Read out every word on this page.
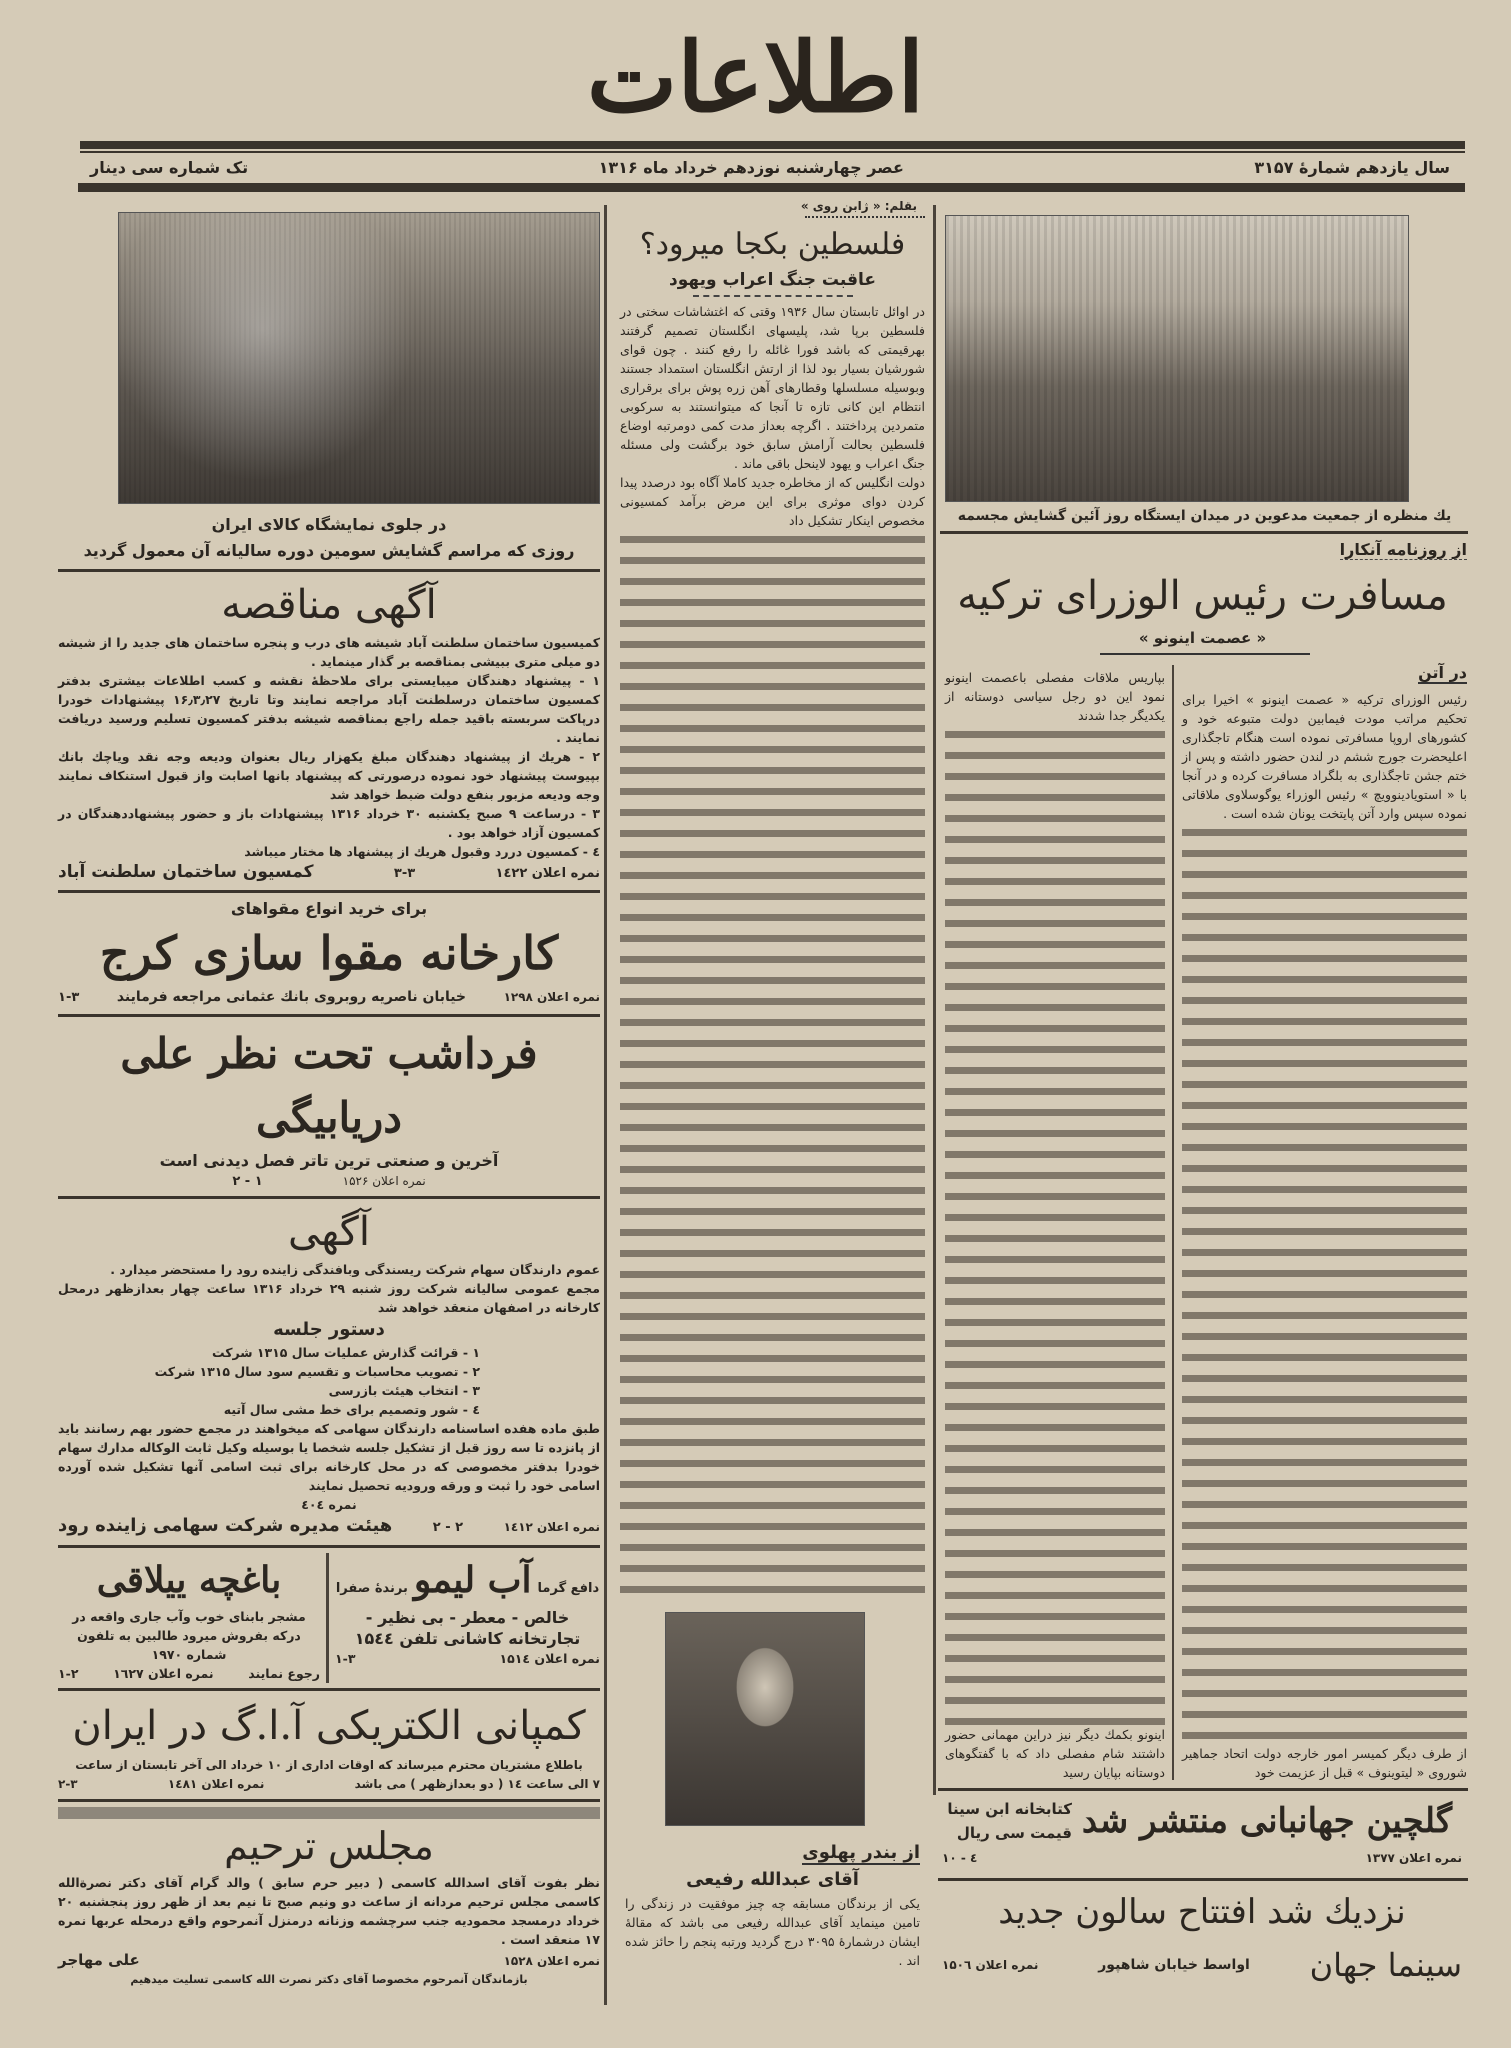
اطلاعات
سال یازدهم شمارهٔ ۳۱۵۷
عصر چهارشنبه نوزدهم خرداد ماه ۱۳۱۶
تک شماره سی دینار
در جلوی نمایشگاه کالای ایران
روزی که مراسم گشایش سومین دوره سالیانه آن معمول گردید
آگهی مناقصه
کمیسیون ساختمان سلطنت آباد شیشه های درب و پنجره ساختمان های جدید را از شیشه دو میلی متری ببیشی بمناقصه بر گذار مینماید .
۱ - پیشنهاد دهندگان میبایستی برای ملاحظهٔ نقشه و کسب اطلاعات بیشتری بدفتر کمسیون ساختمان درسلطنت آباد مراجعه نمایند وتا تاریخ ۱۶٫۳٫۲۷ پیشنهادات خودرا درپاکت سربسته باقید جمله راجع بمناقصه شیشه بدفتر کمسیون تسلیم ورسید دریافت نمایند .
۲ - هریك از پیشنهاد دهندگان مبلغ یکهزار ریال بعنوان ودیعه وجه نقد ویاچك بانك بپیوست پیشنهاد خود نموده درصورتی که پیشنهاد بانها اصابت واز قبول استنکاف نمایند وجه ودیعه مزبور بنفع دولت ضبط خواهد شد
۳ - درساعت ۹ صبح یکشنبه ۳۰ خرداد ۱۳۱۶ پیشنهادات باز و حضور پیشنهاددهندگان در کمسیون آزاد خواهد بود .
٤ - کمسیون دررد وقبول هریك از پیشنهاد ها مختار میباشد
نمره اعلان ۱٤۲۲
۳-۳
کمسیون ساختمان سلطنت آباد
برای خرید انواع مقواهای
کارخانه مقوا سازی کرج
نمره اعلان ۱۲۹۸
خیابان ناصریه روبروی بانك عثمانی مراجعه فرمایند
۱-۳
فرداشب تحت نظر علی دریابیگی
آخرین و صنعتی ترین تاتر فصل دیدنی است
نمره اعلان ۱۵۲۶
۱ - ۲
آگهی
عموم دارندگان سهام شرکت ریسندگی وبافندگی زاینده رود را مستحضر میدارد .
مجمع عمومی سالیانه شرکت روز شنبه ۲۹ خرداد ۱۳۱۶ ساعت چهار بعدازظهر درمحل کارخانه در اصفهان منعقد خواهد شد
دستور جلسه
۱ - قرائت گذارش عملیات سال ۱۳۱۵ شرکت
۲ - تصویب محاسبات و تقسیم سود سال ۱۳۱۵ شرکت
۳ - انتخاب هیئت بازرسی
٤ - شور وتصمیم برای خط مشی سال آتیه
طبق ماده هفده اساسنامه دارندگان سهامی که میخواهند در مجمع حضور بهم رسانند باید از پانزده تا سه روز قبل از تشکیل جلسه شخصا یا بوسیله وکیل ثابت الوکاله مدارك سهام خودرا بدفتر مخصوصی که در محل کارخانه برای ثبت اسامی آنها تشکیل شده آورده اسامی خود را ثبت و ورقه ورودیه تحصیل نمایند
نمره ٤۰٤
نمره اعلان ۱٤۱۲
۲ - ۲
هیئت مدیره شرکت سهامی زاینده رود
دافع گرما
آب لیمو
برندهٔ صفرا
خالص - معطر - بی نظیر -
تجارتخانه کاشانی تلفن ۱۵٤٤
نمره اعلان ۱۵۱٤
۱-۳
باغچه ییلاقی
مشجر بابنای خوب وآب جاری واقعه در
درکه بفروش میرود طالبین به تلفون شماره ۱۹۷۰
رجوع نمایند
نمره اعلان ۱٦۲۷
۱-۲
کمپانی الکتریکی آ.ا.گ در ایران
باطلاع مشتریان محترم میرساند که اوقات اداری از ۱۰ خرداد الی آخر تابستان از ساعت
۷ الی ساعت ۱٤ ( دو بعدازظهر ) می باشد
نمره اعلان ۱٤۸۱
۲-۳
مجلس ترحیم
نظر بفوت آقای اسدالله کاسمی ( دبیر حرم سابق ) والد گرام آقای دکتر نصرةالله کاسمی مجلس ترحیم مردانه از ساعت دو ونیم صبح تا نیم بعد از ظهر روز پنجشنبه ۲۰ خرداد درمسجد محمودیه جنب سرچشمه وزنانه درمنزل آنمرحوم واقع درمحله عربها نمره ۱۷ منعقد است .
نمره اعلان ۱۵۲۸
علی مهاجر
بازماندگان آنمرحوم مخصوصا آقای دکتر نصرت الله کاسمی تسلیت میدهیم
بقلم: « ژابن روی »
فلسطین بکجا میرود؟
عاقبت جنگ اعراب ویهود
در اوائل تابستان سال ۱۹۳۶ وقتی که اغتشاشات سختی در فلسطین برپا شد، پلیسهای انگلستان تصمیم گرفتند بهرقیمتی که باشد فورا غائله را رفع کنند . چون قوای شورشیان بسیار بود لذا از ارتش انگلستان استمداد جستند وبوسیله مسلسلها وقطارهای آهن زره پوش برای برقراری انتظام این کانی تازه تا آنجا که میتوانستند به سرکوبی متمردین پرداختند . اگرچه بعداز مدت کمی دومرتبه اوضاع فلسطین بحالت آرامش سابق خود برگشت ولی مسئله جنگ اعراب و یهود لاینحل باقی ماند .
دولت انگلیس که از مخاطره جدید کاملا آگاه بود درصدد پیدا کردن دوای موثری برای این مرض برآمد کمسیونی مخصوص اینکار تشکیل داد
از بندر پهلوی
آقای عبدالله رفیعی
یکی از برندگان مسابقه چه چیز موفقیت در زندگی را تامین مینماید آقای عبدالله رفیعی می باشد که مقالهٔ ایشان درشمارهٔ ۳۰۹۵ درج گردید ورتبه پنجم را حائز شده اند .
یك منظره از جمعیت مدعوین در میدان ایستگاه روز آئین گشایش مجسمه
از روزنامه آنکارا
مسافرت رئیس الوزرای ترکیه
« عصمت اینونو »
در آتن
رئیس الوزرای ترکیه « عصمت اینونو » اخیرا برای تحکیم مراتب مودت فیمابین دولت متبوعه خود و کشورهای اروپا مسافرتی نموده است هنگام تاجگذاری اعلیحضرت جورج ششم در لندن حضور داشته و پس از ختم جشن تاجگذاری به بلگراد مسافرت کرده و در آنجا با « استویادینوویچ » رئیس الوزراء یوگوسلاوی ملاقاتی نموده سپس وارد آتن پایتخت یونان شده است .
از طرف دیگر کمیسر امور خارجه دولت اتحاد جماهیر شوروی « لیتوینوف » قبل از عزیمت خود
بپاریس ملاقات مفصلی باعصمت اینونو نمود این دو رجل سیاسی دوستانه از یکدیگر جدا شدند
اینونو بکمك دیگر نیز دراین مهمانی حضور داشتند شام مفصلی داد که با گفتگوهای دوستانه بپایان رسید
گلچین جهانبانی منتشر شد
کتابخانه ابن سینا
قیمت سی ریال
نمره اعلان ۱۳۷۷
٤ - ۱۰
نزدیك شد افتتاح سالون جدید
سینما جهان
اواسط خیابان شاهپور
نمره اعلان ۱۵۰٦
